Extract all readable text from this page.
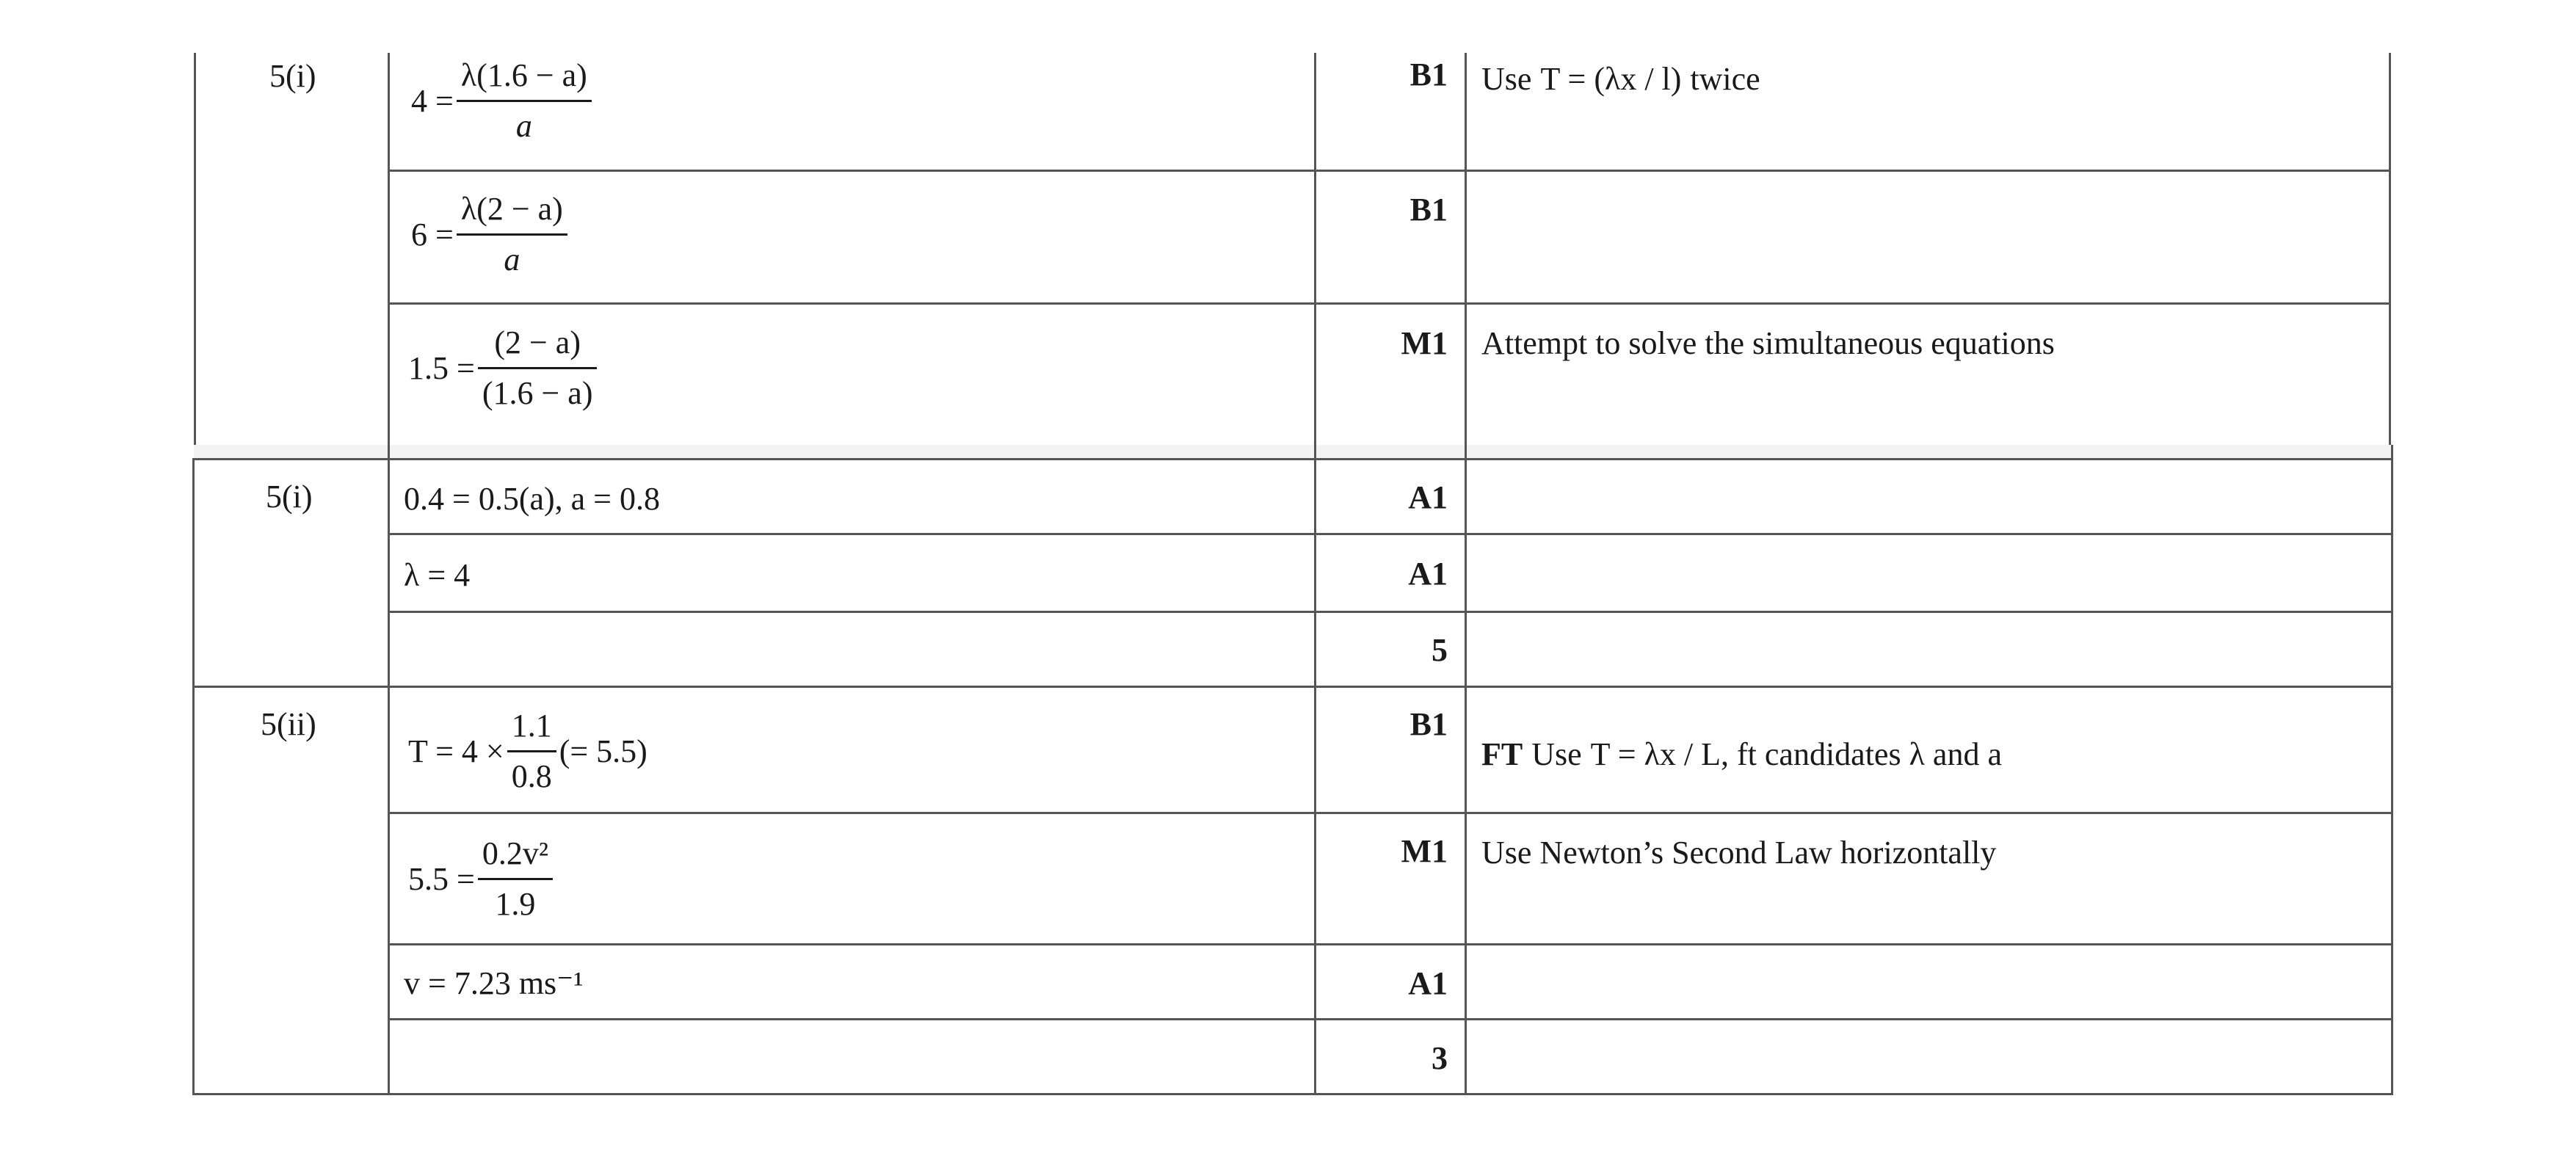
5(i)
5(i)
5(ii)
B1
B1
M1
A1
A1
5
B1
M1
A1
3
$4 = \frac{\lambda(1.6 - a)}{a}$
$6 = \frac{\lambda(2 - a)}{a}$
$1.5 = \frac{(2 - a)}{(1.6 - a)}$
0.4 = 0.5(a), a = 0.8
λ = 4
$T = 4 \times \frac{1.1}{0.8}$ (= 5.5)
$5.5 = \frac{\text{0.2v²}}{1.9}$
v = 7.23 ms⁻¹
Use T = (λx / l) twice
Attempt to solve the simultaneous equations
FT Use T = λx / L , ft candidates λ and a
Use Newton’s Second Law horizontally
